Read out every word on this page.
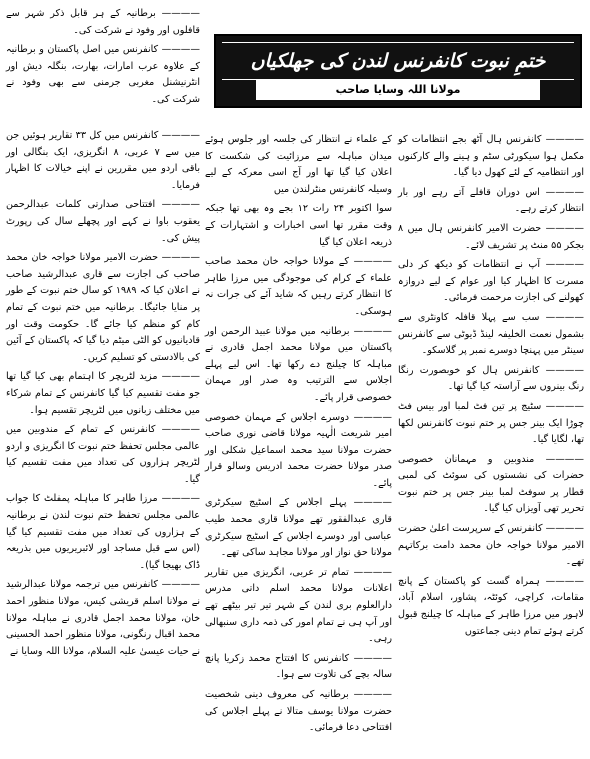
———— برطانیہ کے ہر قابل ذکر شہر سے قافلوں اور وفود نے شرکت کی۔

———— کانفرنس میں اصل پاکستان و برطانیہ کے علاوہ عرب امارات، بھارت، بنگلہ دیش اور انٹرنیشنل مغربی جرمنی سے بھی وفود نے شرکت کی۔

ختمِ نبوت کانفرنس لندن کی جھلکیاں
مولانا اللہ وسایا صاحب

———— کانفرنس ہال آٹھ بجے انتظامات کو مکمل ہوا سیکورٹی سٹم و ہینے والے کارکنوں اور انتظامیہ کے لئے کھول دیا گیا۔

———— اس دوران قافلے آتے رہے اور بار انتظار کرتے رہے۔

———— حضرت الامیر کانفرنس ہال میں ۸ بجکر ۵۵ منٹ پر تشریف لائے۔

———— آپ نے انتظامات کو دیکھ کر دلی مسرت کا اظہار کیا اور عوام کے لیے دروازہ کھولنے کی اجازت مرحمت فرمائی۔

———— سب سے پہلا قافلہ کاونٹری سے بشمول نعمت الخلیفہ لینڈ ڈیوٹی سے کانفرنس سینٹر میں پہنچا دوسرے نمبر پر گلاسکو۔

———— کانفرنس ہال کو خوبصورت رنگا رنگ بینروں سے آراستہ کیا گیا تھا۔

———— سٹیج پر تین فٹ لمبا اور بیس فٹ چوڑا ایک بینر جس پر ختم نبوت کانفرنس لکھا تھا، لگایا گیا۔

———— مندوبین و مہمانان خصوصی حضرات کی نشستوں کی سوئٹ کی لمبی قطار پر سوفٹ لمبا بینر جس پر ختم نبوت تحریر تھی آویزاں کیا گیا۔

———— کانفرنس کے سرپرست اعلیٰ حضرت الامیر مولانا خواجہ خان محمد دامت برکاتہم تھے۔

———— ہمراہ گست کو پاکستان کے پانچ مقامات، کراچی، کوئٹہ، پشاور، اسلام آباد، لاہور میں مرزا طاہر کے مباہلہ کا چیلنج قبول کرتے ہوئے تمام دینی جماعتوں

کے علماء نے انتظار کی جلسہ اور جلوس ہوئے میدان مباہلہ سے مرزائیت کی شکست کا اعلان کیا گیا تھا اور آج اسی معرکہ کے لیے وسیلہ کانفرنس منٹرلندن میں

سوا اکتوبر ۲۴ رات ۱۲ بجے وہ بھی تھا جبکہ وقت مقرر تھا اسی اخبارات و اشتہارات کے ذریعہ اعلان کیا گیا

———— کے مولانا خواجہ خان محمد صاحب علماء کے کرام کی موجودگی میں مرزا طاہر کا انتظار کرتے رہیں کہ شاید آئے کی جرات نہ ہوسکی۔

———— برطانیہ میں مولانا عبید الرحمن اور پاکستان میں مولانا محمد اجمل قادری نے مباہلہ کا چیلنج دے رکھا تھا۔ اس لیے پہلے اجلاس سے الترتیب وہ صدر اور مہمان خصوصی قرار پائے۔

———— دوسرے اجلاس کے مہمان خصوصی امیر شریعت الٰہیہ مولانا قاضی نوری صاحب حضرت مولانا سید محمد اسماعیل شکلی اور صدر مولانا حضرت محمد ادریس وسالو قرار پائے۔

———— پہلے اجلاس کے اسٹیج سیکرٹری قاری عبدالفقور تھے مولانا قاری محمد طیب عباسی اور دوسرے اجلاس کے اسٹیج سیکرٹری مولانا حق نواز اور مولانا مجاہد ساکی تھے۔

———— تمام تر عربی، انگریزی میں تقاریر اعلانات مولانا محمد اسلم داتی مدرس دارالعلوم بری لندن کے شہر تیر تیر بیٹھے تھے اور آپ ہی نے تمام امور کی ذمہ داری سنبھالی رہی۔

———— کانفرنس کا افتتاح محمد زکریا پانچ سالہ بچے کی تلاوت سے ہوا۔

———— برطانیہ کی معروف دینی شخصیت حضرت مولانا یوسف متالا نے پہلے اجلاس کی افتتاحی دعا فرمائی۔

———— کانفرنس میں کل ۳۳ تقاریر ہوئیں جن میں سے ۷ عربی، ۸ انگریزی، ایک بنگالی اور باقی اردو میں مقررین نے اپنے خیالات کا اظہار فرمایا۔

———— افتتاحی صدارتی کلمات عبدالرحمن یعقوب باوا نے کہے اور پچھلے سال کی رپورٹ پیش کی۔

———— حضرت الامیر مولانا خواجہ خان محمد صاحب کی اجازت سے قاری عبدالرشید صاحب نے اعلان کیا کہ ۱۹۸۹ کو سال ختم نبوت کے طور پر منایا جائیگا۔ برطانیہ میں ختم نبوت کے تمام کام کو منظم کیا جائے گا۔ حکومت وقت اور قادیانیوں کو الٹی میٹم دیا گیا کہ پاکستان کے آئین کی بالادستی کو تسلیم کریں۔

———— مزید لٹریچر کا اہتمام بھی کیا گیا تھا جو مفت تقسیم کیا گیا کانفرنس کے تمام شرکاء میں مختلف زبانوں میں لٹریچر تقسیم ہوا۔

———— کانفرنس کے تمام کے مندوبین میں عالمی مجلس تحفظ ختم نبوت کا انگریزی و اردو لٹریچر ہزاروں کی تعداد میں مفت تقسیم کیا گیا۔

———— مرزا طاہر کا مباہلہ پمفلٹ کا جواب عالمی مجلس تحفظ ختم نبوت لندن نے برطانیہ کے ہزاروں کی تعداد میں مفت تقسیم کیا گیا (اس سے قبل مساجد اور لائبریریوں میں بذریعہ ڈاک بھیجا گیا)۔

———— کانفرنس میں ترجمہ مولانا عبدالرشید نے مولانا اسلم قریشی کیس، مولانا منظور احمد خان، مولانا محمد اجمل قادری نے مباہلہ مولانا محمد اقبال رنگونی، مولانا منظور احمد الحسینی نے حیات عیسیٰ علیہ السلام، مولانا اللہ وسایا نے
